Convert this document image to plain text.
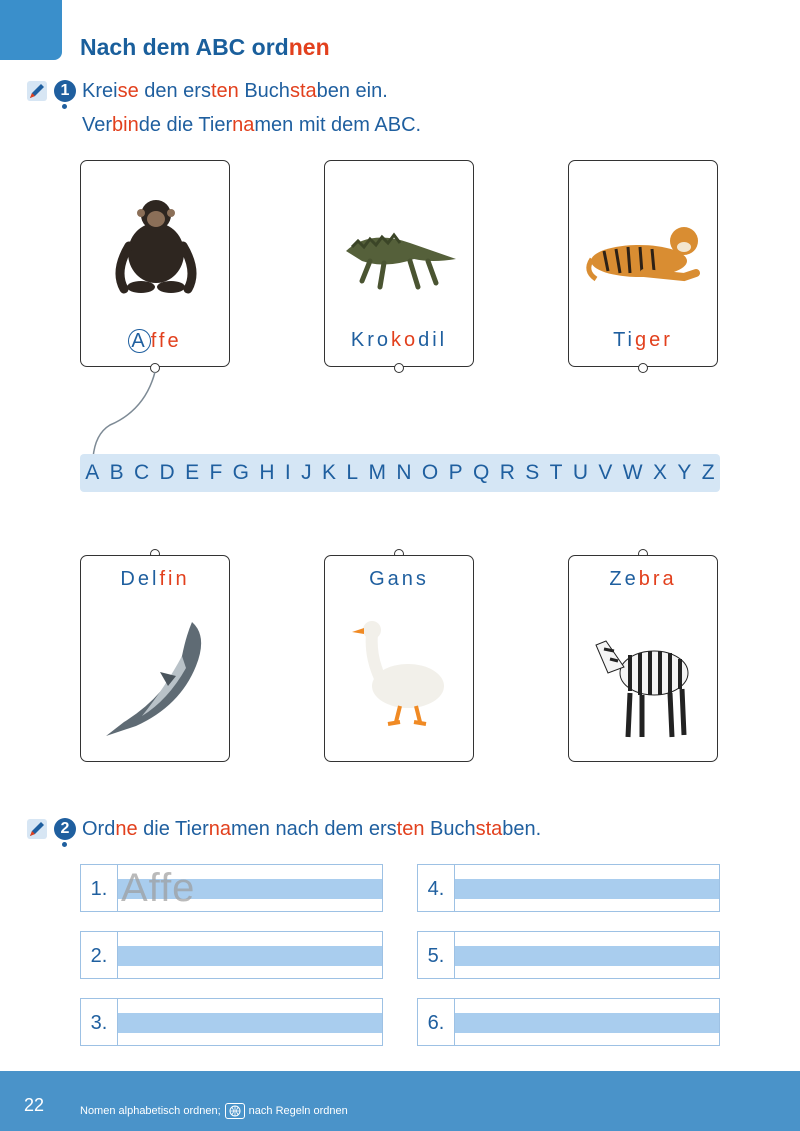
Nach dem ABC ordnen
1 Kreise den ersten Buchstaben ein.
Verbinde die Tiernamen mit dem ABC.
A ffe	Krokodil	Tiger
A B C D E F G H I J K L M N O P Q R S T U V W X Y Z
Delfin	Gans	Zebra
2 Ordne die Tiernamen nach dem ersten Buchstaben.
1. Affe
2.
3.
4.
5.
6.
22	Nomen alphabetisch ordnen;	nach Regeln ordnen
